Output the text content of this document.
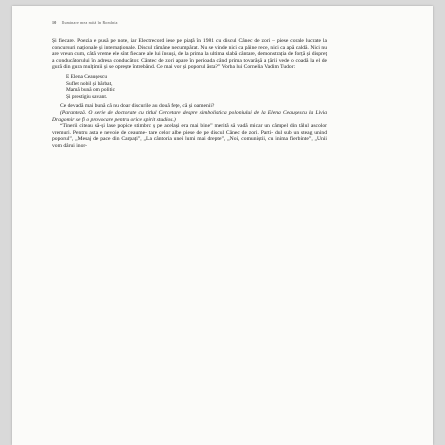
10 Iluminare mea mită în Romînia

Și fiecare. Poezia e pusă pe note, iar Electrecord iese pe piață în 1981 cu discul Cânec de zori – piese corale lucrate la concursuri naționale și internaționale. Discul rămâne necumpărat. Nu se vinde nici ca pâine rece, nici ca apă caldă. Nici nu are vreun cum, câtă vreme ele sînt fiecare ale lui însuși, de la prima la ultima slabă cântare, demonstrația de forță și dispreț a conducătorului în adresa conducător. Cântec de zori apare în perioada când prima tovarășă a țării vede o coadă la el de gură din gura mulțimii și se opreștе întrebând. Ce mai vor și poporul ăsta?” Vorba lui Cornelia Vadim Tudor:

E Elena Ceaușescu
Suflet nobil și bărbat,
Mamă bună om politic
Și prestigiu savant.

Ce devadă mai bună că nu doar discurile au două fețe, că și oamenii?

(Paranteză. O serie de doctorate cu titlul Cercetare despre simbolistica poloniului de la Elena Ceaușescu la Livia Dragomir se fi o provocare pentru orice spirit studios.)

“Tinerii citeau să-și lase popice stimbrc ș pe același era mai bine” merită să vadă micar un câmpel din tâlul ascolor vremuri. Pentru asta e nevoie de ceaume- tare celor albe piese de pe discul Cânec de zori. Parti- dul sub un steag unind poporul”, „Mesaj de pace din Carpați”, „La cântoria unei lumi mai drepte”, „Noi, comuniștii, cu inima fierbinte”, „Unii vom dârui inor-
